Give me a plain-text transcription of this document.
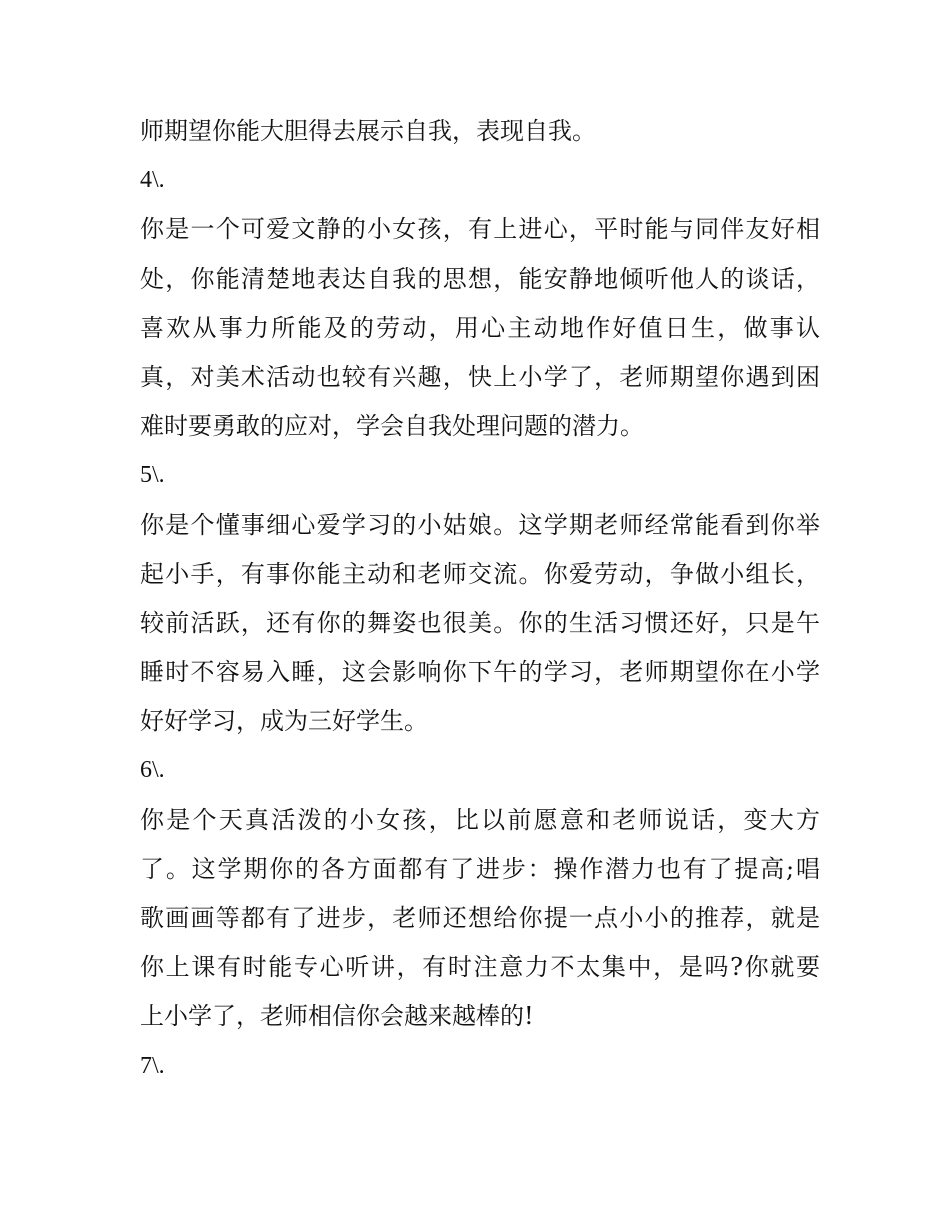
师期望你能大胆得去展示自我，表现自我。
4\.
你是一个可爱文静的小女孩，有上进心，平时能与同伴友好相
处，你能清楚地表达自我的思想，能安静地倾听他人的谈话，
喜欢从事力所能及的劳动，用心主动地作好值日生，做事认
真，对美术活动也较有兴趣，快上小学了，老师期望你遇到困
难时要勇敢的应对，学会自我处理问题的潜力。
5\.
你是个懂事细心爱学习的小姑娘。这学期老师经常能看到你举
起小手，有事你能主动和老师交流。你爱劳动，争做小组长，
较前活跃，还有你的舞姿也很美。你的生活习惯还好，只是午
睡时不容易入睡，这会影响你下午的学习，老师期望你在小学
好好学习，成为三好学生。
6\.
你是个天真活泼的小女孩，比以前愿意和老师说话，变大方
了。这学期你的各方面都有了进步：操作潜力也有了提高;唱
歌画画等都有了进步，老师还想给你提一点小小的推荐，就是
你上课有时能专心听讲，有时注意力不太集中，是吗?你就要
上小学了，老师相信你会越来越棒的!
7\.
